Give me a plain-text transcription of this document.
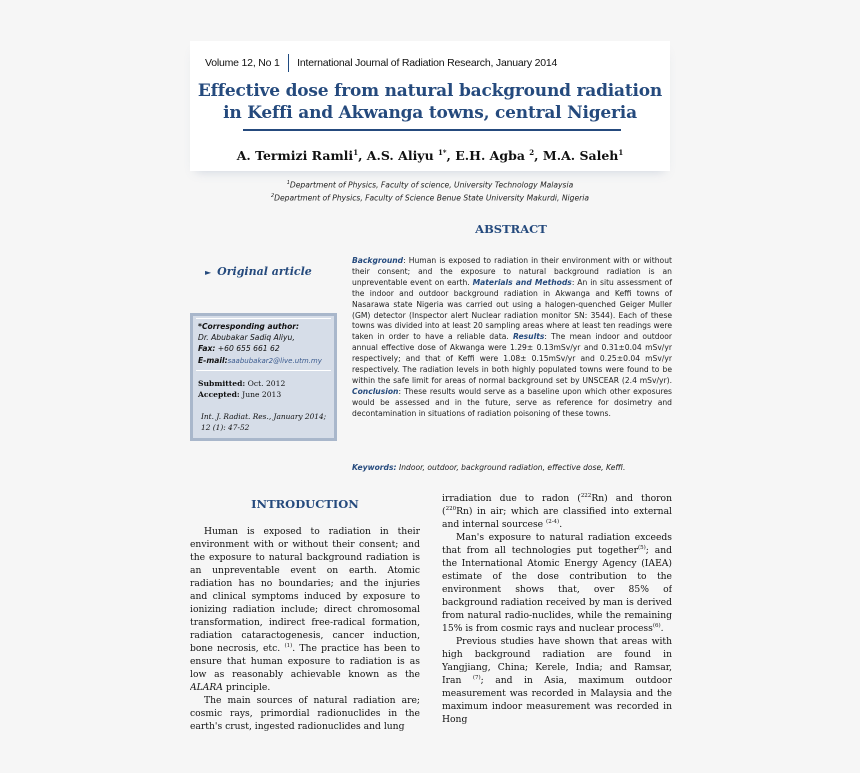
Volume 12, No 1	International Journal of Radiation Research, January 2014
Effective dose from natural background radiation
in Keffi and Akwanga towns, central Nigeria
A. Termizi Ramli$^1$, A.S. Aliyu $^{1*}$, E.H. Agba $^2$, M.A. Saleh$^1$
$^1$Department of Physics, Faculty of science, University Technology Malaysia
$^2$Department of Physics, Faculty of Science Benue State University Makurdi, Nigeria
ABSTRACT
Background: Human is exposed to radiation in their environment with or without their consent; and the exposure to natural background radiation is an unpreventable event on earth. Materials and Methods: An in situ assessment of the indoor and outdoor background radiation in Akwanga and Keffi towns of Nasarawa state Nigeria was carried out using a halogen-quenched Geiger Muller (GM) detector (Inspector alert Nuclear radiation monitor SN: 3544). Each of these towns was divided into at least 20 sampling areas where at least ten readings were taken in order to have a reliable data. Results: The mean indoor and outdoor annual effective dose of Akwanga were 1.29± 0.13mSv/yr and 0.31±0.04 mSv/yr respectively; and that of Keffi were 1.08± 0.15mSv/yr and 0.25±0.04 mSv/yr respectively. The radiation levels in both highly populated towns were found to be within the safe limit for areas of normal background set by UNSCEAR (2.4 mSv/yr). Conclusion: These results would serve as a baseline upon which other exposures would be assessed and in the future, serve as reference for dosimetry and decontamination in situations of radiation poisoning of these towns.
Keywords: Indoor, outdoor, background radiation, effective dose, Keffi.
► Original article
*Corresponding author:
Dr. Abubakar Sadiq Aliyu,
Fax: +60 655 661 62
E-mail:saabubakar2@live.utm.my
Submitted: Oct. 2012
Accepted: June 2013
Int. J. Radiat. Res., January 2014;
12 (1): 47-52
INTRODUCTION

Human is exposed to radiation in their environment with or without their consent; and the exposure to natural background radiation is an unpreventable event on earth. Atomic radiation has no boundaries; and the injuries and clinical symptoms induced by exposure to ionizing radiation include; direct chromosomal transformation, indirect free-radical formation, radiation cataractogenesis, cancer induction, bone necrosis, etc. $^{(1)}$. The practice has been to ensure that human exposure to radiation is as low as reasonably achievable known as the ALARA principle.

The main sources of natural radiation are; cosmic rays, primordial radionuclides in the earth's crust, ingested radionuclides and lung

irradiation due to radon ($^{222}$Rn) and thoron ($^{220}$Rn) in air; which are classified into external and internal sourcese $^{(2-4)}$.

Man's exposure to natural radiation exceeds that from all technologies put together$^{(5)}$; and the International Atomic Energy Agency (IAEA) estimate of the dose contribution to the environment shows that, over 85% of background radiation received by man is derived from natural radio-nuclides, while the remaining 15% is from cosmic rays and nuclear process$^{(6)}$.

Previous studies have shown that areas with high background radiation are found in Yangjiang, China; Kerele, India; and Ramsar, Iran $^{(7)}$; and in Asia, maximum outdoor measurement was recorded in Malaysia and the maximum indoor measurement was recorded in Hong
